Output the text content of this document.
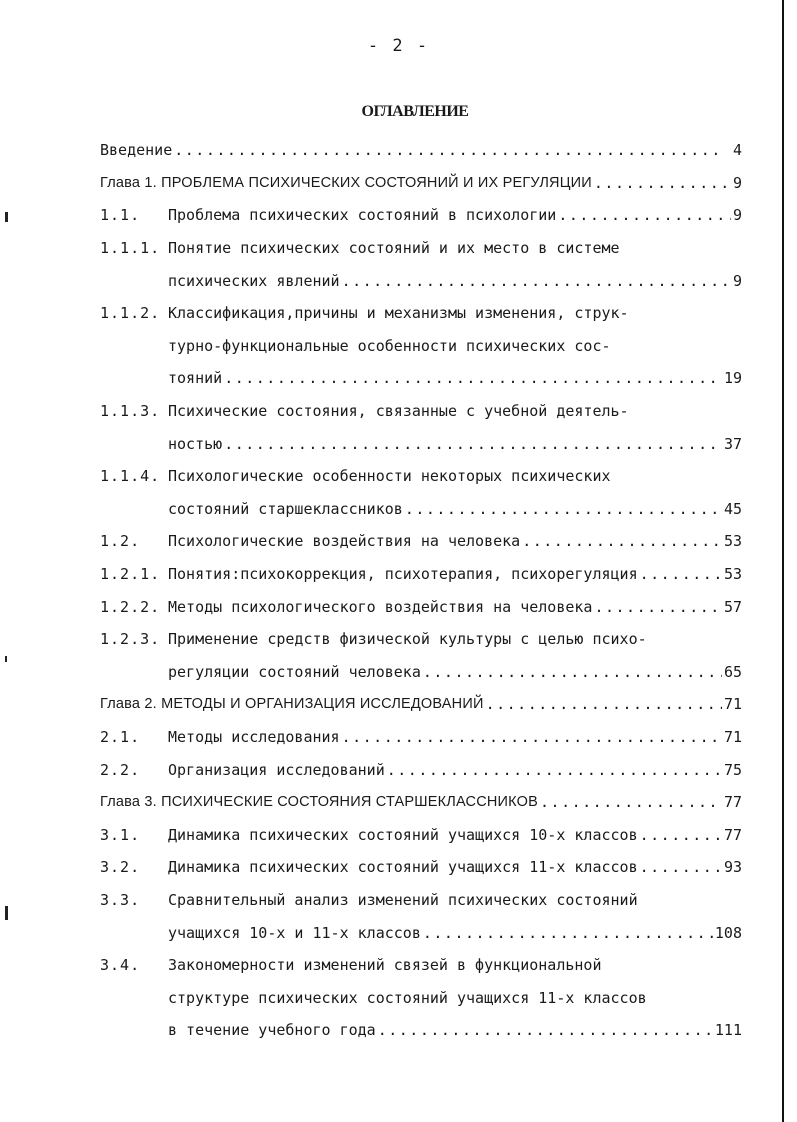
- 2 -
ОГЛАВЛЕНИЕ
Введение .....	4
Глава 1. ПРОБЛЕМА ПСИХИЧЕСКИХ СОСТОЯНИЙ И ИХ РЕГУЛЯЦИИ .....	9
1.1.	Проблема психических состояний в психологии .....	9
1.1.1. Понятие психических состояний и их место в системе
психических явлений .....	9
1.1.2. Классификация,причины и механизмы изменения, струк-
турно-функциональные особенности психических сос-
тояний .....	19
1.1.3. Психические состояния, связанные с учебной деятель-
ностью .....	37
1.1.4. Психологические особенности некоторых психических
состояний старшеклассников .....	45
1.2.	Психологические воздействия на человека .....	53
1.2.1. Понятия:психокоррекция, психотерапия, психорегуляция .....	53
1.2.2. Методы психологического воздействия на человека .....	57
1.2.3. Применение средств физической культуры с целью психо-
регуляции состояний человека .....	65
Глава 2. МЕТОДЫ И ОРГАНИЗАЦИЯ ИССЛЕДОВАНИЙ .....	71
2.1.	Методы исследования .....	71
2.2.	Организация исследований .....	75
Глава 3. ПСИХИЧЕСКИЕ СОСТОЯНИЯ СТАРШЕКЛАССНИКОВ .....	77
3.1.	Динамика психических состояний учащихся 10-х классов .....	77
3.2.	Динамика психических состояний учащихся 11-х классов .....	93
3.3.	Сравнительный анализ изменений психических состояний
учащихся 10-х и 11-х классов .....	108
3.4.	Закономерности изменений связей в функциональной
структуре психических состояний учащихся 11-х классов
в течение учебного года .....	111
